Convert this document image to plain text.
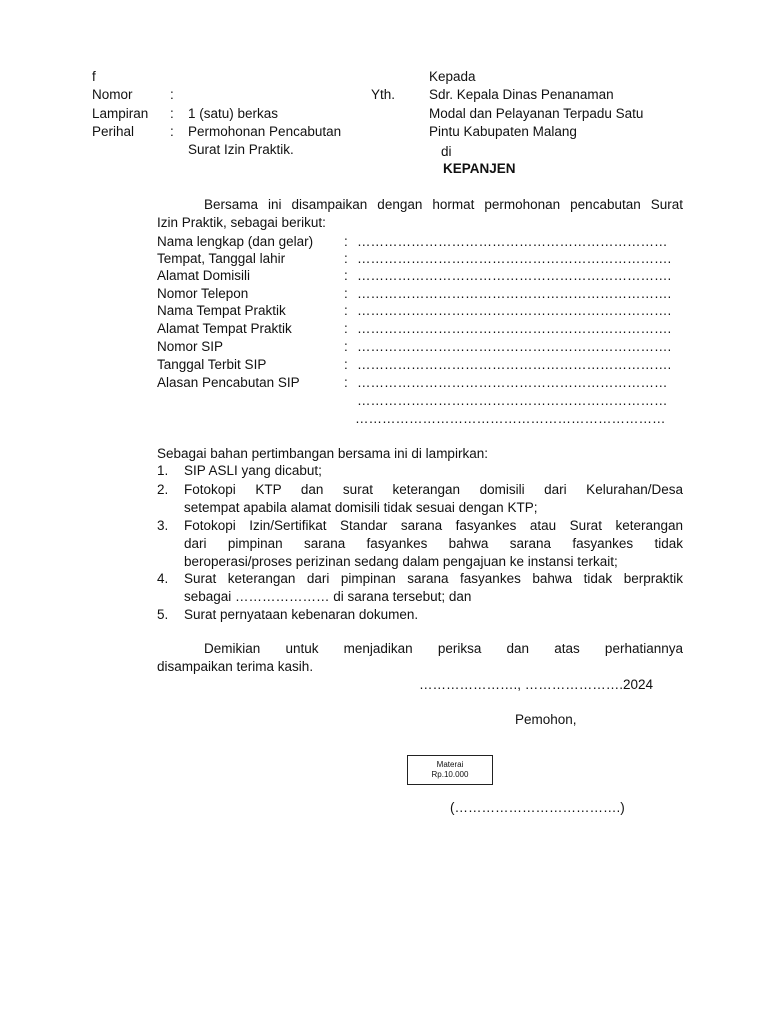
f
Nomor	:
Lampiran : 1 (satu) berkas
Perihal	: Permohonan Pencabutan
Surat Izin Praktik.
Yth.
Kepada
Sdr. Kepala Dinas Penanaman
Modal dan Pelayanan Terpadu Satu
Pintu Kabupaten Malang
di
KEPANJEN
Bersama ini disampaikan dengan hormat permohonan pencabutan Surat
Izin Praktik, sebagai berikut:
Nama lengkap (dan gelar) : ……………………………………………………………
Tempat, Tanggal lahir	: …………………………………………………………….
Alamat Domisili	: …………………………………………………………….
Nomor Telepon	: …………………………………………………………….
Nama Tempat Praktik	: …………………………………………………………….
Alamat Tempat Praktik	: …………………………………………………………….
Nomor SIP	: …………………………………………………………….
Tanggal Terbit SIP	: …………………………………………………………….
Alasan Pencabutan SIP	: ……………………………………………………………
……………………………………………………………
……………………………………………………………
Sebagai bahan pertimbangan bersama ini di lampirkan:
1. SIP ASLI yang dicabut;
2. Fotokopi KTP dan surat keterangan domisili dari Kelurahan/Desa
setempat apabila alamat domisili tidak sesuai dengan KTP;
3. Fotokopi Izin/Sertifikat Standar sarana fasyankes atau Surat keterangan
dari pimpinan sarana fasyankes bahwa sarana fasyankes tidak
beroperasi/proses perizinan sedang dalam pengajuan ke instansi terkait;
4. Surat keterangan dari pimpinan sarana fasyankes bahwa tidak berpraktik
sebagai ………………… di sarana tersebut; dan
5. Surat pernyataan kebenaran dokumen.
Demikian untuk menjadikan periksa dan atas perhatiannya
disampaikan terima kasih.
…………………., ………………….2024
Pemohon,
Materai
Rp.10.000
(……………………………….)
